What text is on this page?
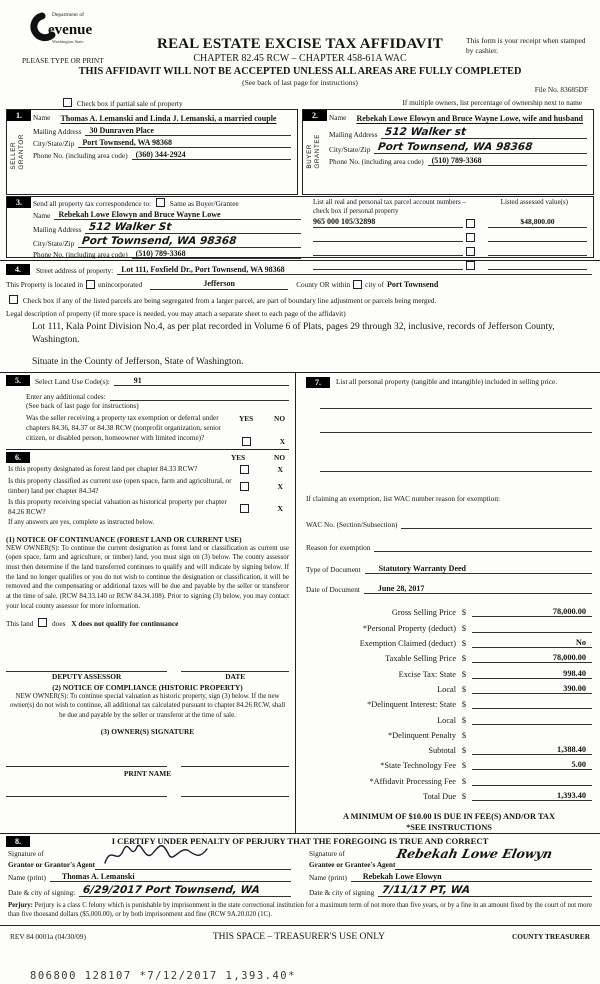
Department of
evenue
Washington State
PLEASE TYPE OR PRINT
REAL ESTATE EXCISE TAX AFFIDAVIT
CHAPTER 82.45 RCW – CHAPTER 458-61A WAC
This form is your receipt when stamped by cashier.
THIS AFFIDAVIT WILL NOT BE ACCEPTED UNLESS ALL AREAS ARE FULLY COMPLETED
(See back of last page for instructions)
File No. 83685DF
Check box if partial sale of property	If multiple owners, list percentage of ownership next to name
1.
SELLER GRANTOR
Name Thomas A. Lemanski and Linda J. Lemanski, a married couple
Mailing Address	30 Dunraven Place
City/State/Zip	Port Townsend, WA 98368
Phone No. (including area code)	(360) 344-2924
2.
BUYER GRANTEE
Name Rebekah Lowe Elowyn and Bruce Wayne Lowe, wife and husband
Mailing Address 512 Walker st
City/State/Zip Port Townsend, WA 98368
Phone No. (including area code)	(510) 789-3368
3.	Send all property tax correspondence to:	Same as Buyer/Grantee
Name	Rebekah Lowe Elowyn and Bruce Wayne Lowe
Mailing Address 512 Walker St
City/State/Zip Port Townsend, WA 98368
Phone No. (including area code)	(510) 789-3368
List all real and personal tax parcel account numbers – check box if personal property
Listed assessed value(s)
965 000 105/32898	$48,800.00
4.	Street address of property:	Lot 111, Foxfield Dr., Port Townsend, WA 98368
This Property is located in unincorporated	Jefferson	County OR within city of Port Townsend
Check box if any of the listed parcels are being segregated from a larger parcel, are part of boundary line adjustment or parcels being merged.
Legal description of property (if more space is needed, you may attach a separate sheet to each page of the affidavit)
Lot 111, Kala Point Division No.4, as per plat recorded in Volume 6 of Plats, pages 29 through 32, inclusive, records of Jefferson County, Washington.
Situate in the County of Jefferson, State of Washington.
5.	Select Land Use Code(s):	91
Enter any additional codes:
(See back of last page for instructions)
Was the seller receiving a property tax exemption or deferral under chapters 84.36, 84.37 or 84.38 RCW (nonprofit organization, senior citizen, or disabled person, homeowner with limited income)?
YES	NO
X
6.	YES	NO
Is this property designated as forest land per chapter 84.33 RCW?	X
Is this property classified as current use (open space, farm and agricultural, or timber) land per chapter 84.34?	X
Is this property receiving special valuation as historical property per chapter 84.26 RCW?	X
If any answers are yes, complete as instructed below.
(1) NOTICE OF CONTINUANCE (FOREST LAND OR CURRENT USE)
NEW OWNER(S): To continue the current designation as forest land or classification as current use (open space, farm and agriculture, or timber) land, you must sign on (3) below. The county assessor must then determine if the land transferred continues to qualify and will indicate by signing below. If the land no longer qualifies or you do not wish to continue the designation or classification, it will be removed and the compensating or additional taxes will be due and payable by the seller or transferor at the time of sale. (RCW 84.33.140 or RCW 84.34.108). Prior to signing (3) below, you may contact your local county assessor for more information.
This land	does X does not qualify for continuance
DEPUTY ASSESSOR	DATE
(2) NOTICE OF COMPLIANCE (HISTORIC PROPERTY)
NEW OWNER(S): To continue special valuation as historic property, sign (3) below. If the new owner(s) do not wish to continue, all additional tax calculated pursuant to chapter 84.26 RCW, shall be due and payable by the seller or transferor at the time of sale.
(3) OWNER(S) SIGNATURE
PRINT NAME
7.	List all personal property (tangible and intangible) included in selling price.
If claiming an exemption, list WAC number reason for exemption:
WAC No. (Section/Subsection)
Reason for exemption
Type of Document	Statutory Warranty Deed
Date of Document	June 28, 2017
Gross Selling Price $	78,000.00
*Personal Property (deduct) $
Exemption Claimed (deduct) $	No
Taxable Selling Price $	78,000.00
Excise Tax: State $	998.40
Local $	390.00
*Delinquent Interest: State $
Local $
*Delinquent Penalty $
Subtotal $	1,388.40
*State Technology Fee $	5.00
*Affidavit Processing Fee $
Total Due $	1,393.40
A MINIMUM OF $10.00 IS DUE IN FEE(S) AND/OR TAX
*SEE INSTRUCTIONS
8.	I CERTIFY UNDER PENALTY OF PERJURY THAT THE FOREGOING IS TRUE AND CORRECT
Signature of
Grantor or Grantor's Agent
Name (print)	Thomas A. Lemanski
Date & city of signing: 6/29/2017 Port Townsend, WA
Signature of
Grantee or Grantee's Agent
Rebekah Lowe Elowyn
Name (print)	Rebekah Lowe Elowyn
Date & city of signing 7/11/17 PT, WA
Perjury: Perjury is a class C felony which is punishable by imprisonment in the state correctional institution for a maximum term of not more than five years, or by a fine in an amount fixed by the court of not more than five thousand dollars ($5,000.00), or by both imprisonment and fine (RCW 9A.20.020 (1C).
REV 84 0001a (04/30/09)	THIS SPACE – TREASURER'S USE ONLY	COUNTY TREASURER
806800 128107 *7/12/2017 1,393.40*
